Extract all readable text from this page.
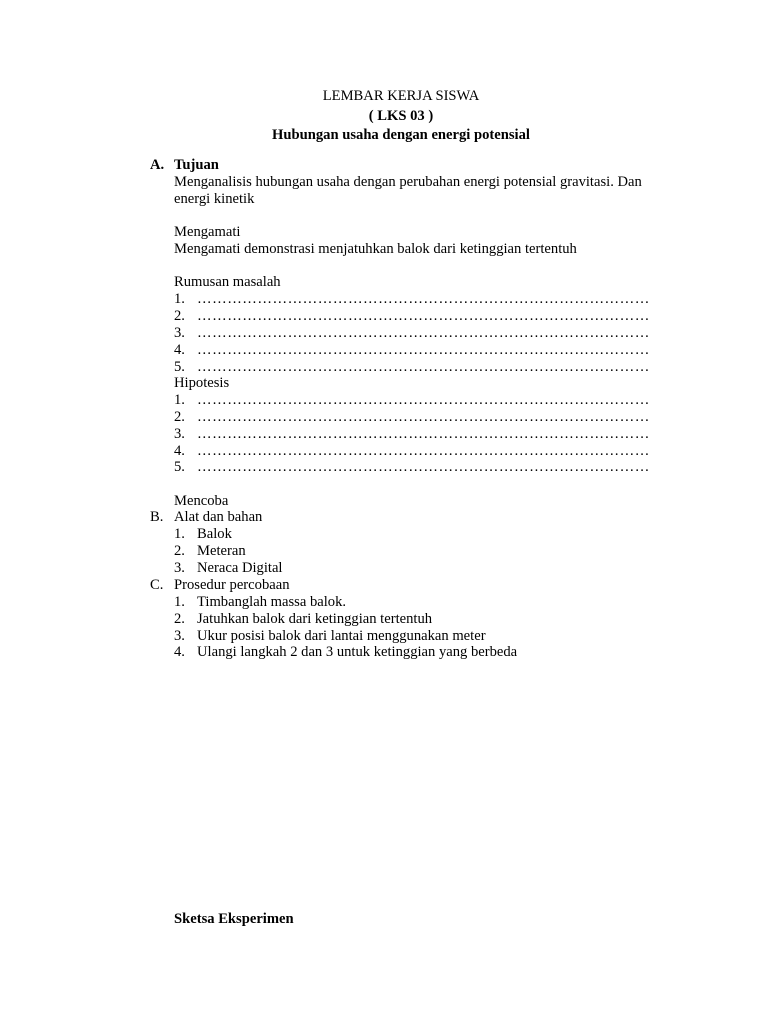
LEMBAR KERJA SISWA
( LKS 03 )
Hubungan usaha dengan energi potensial
A. Tujuan
Menganalisis hubungan usaha dengan perubahan energi potensial gravitasi. Dan
energi kinetik
Mengamati
Mengamati demonstrasi menjatuhkan balok dari ketinggian tertentuh
Rumusan masalah
1. ………………………………………………………………………………
2. ………………………………………………………………………………
3. ………………………………………………………………………………
4. ………………………………………………………………………………
5. ………………………………………………………………………………
Hipotesis
1. ………………………………………………………………………………
2. ………………………………………………………………………………
3. ………………………………………………………………………………
4. ………………………………………………………………………………
5. ………………………………………………………………………………
Mencoba
B. Alat dan bahan
1. Balok
2. Meteran
3. Neraca Digital
C. Prosedur percobaan
1. Timbanglah massa balok.
2. Jatuhkan balok dari ketinggian tertentuh
3. Ukur posisi balok dari lantai menggunakan meter
4. Ulangi langkah 2 dan 3 untuk ketinggian yang berbeda
Sketsa Eksperimen
